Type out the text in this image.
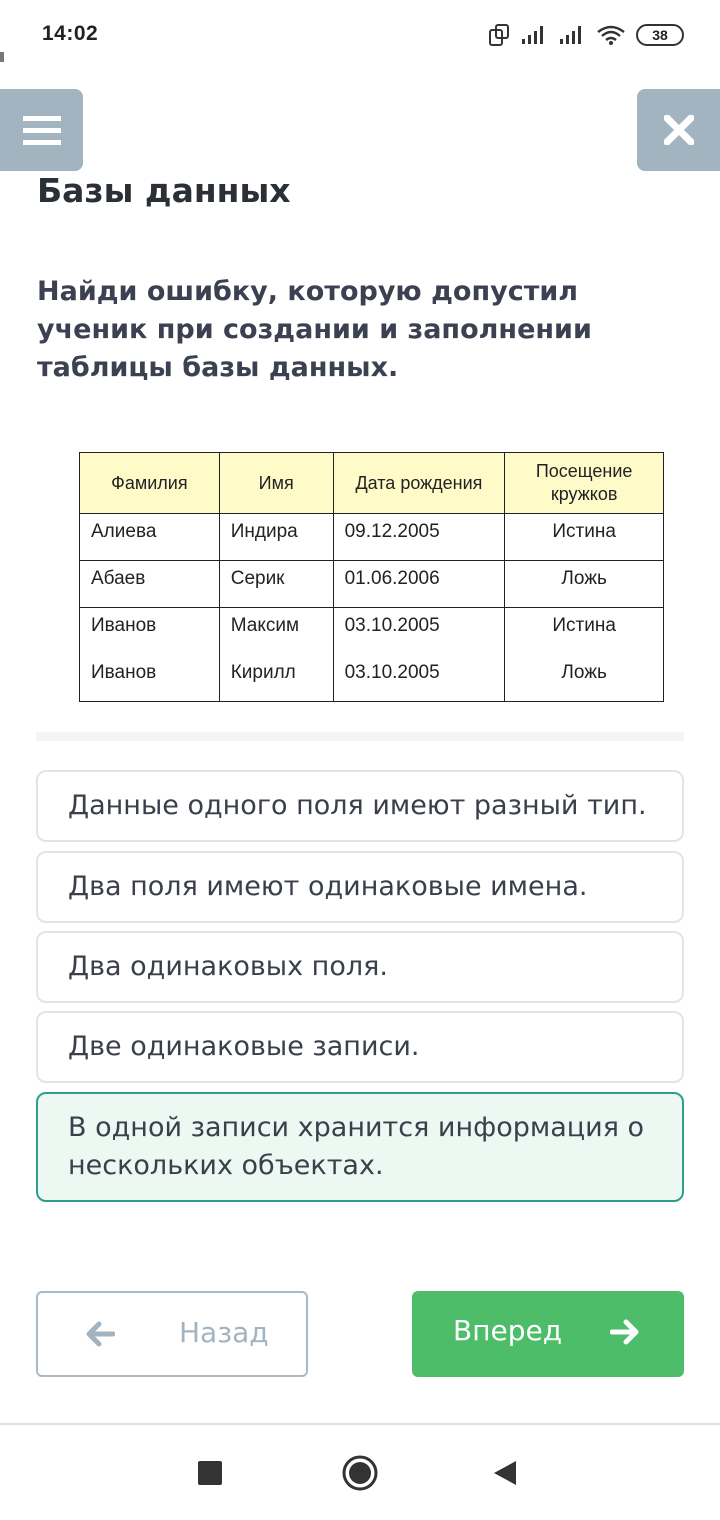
14:02	38
Базы данных

Найди ошибку, которую допустил ученик при создании и заполнении таблицы базы данных.

Фамилия	Имя	Дата рождения	Посещение кружков
Алиева	Индира	09.12.2005	Истина
Абаев	Серик	01.06.2006	Ложь
Иванов	Максим	03.10.2005	Истина
Иванов	Кирилл	03.10.2005	Ложь
Данные одного поля имеют разный тип.
Два поля имеют одинаковые имена.
Два одинаковых поля.
Две одинаковые записи.
В одной записи хранится информация о нескольких объектах.
Назад	Вперед
